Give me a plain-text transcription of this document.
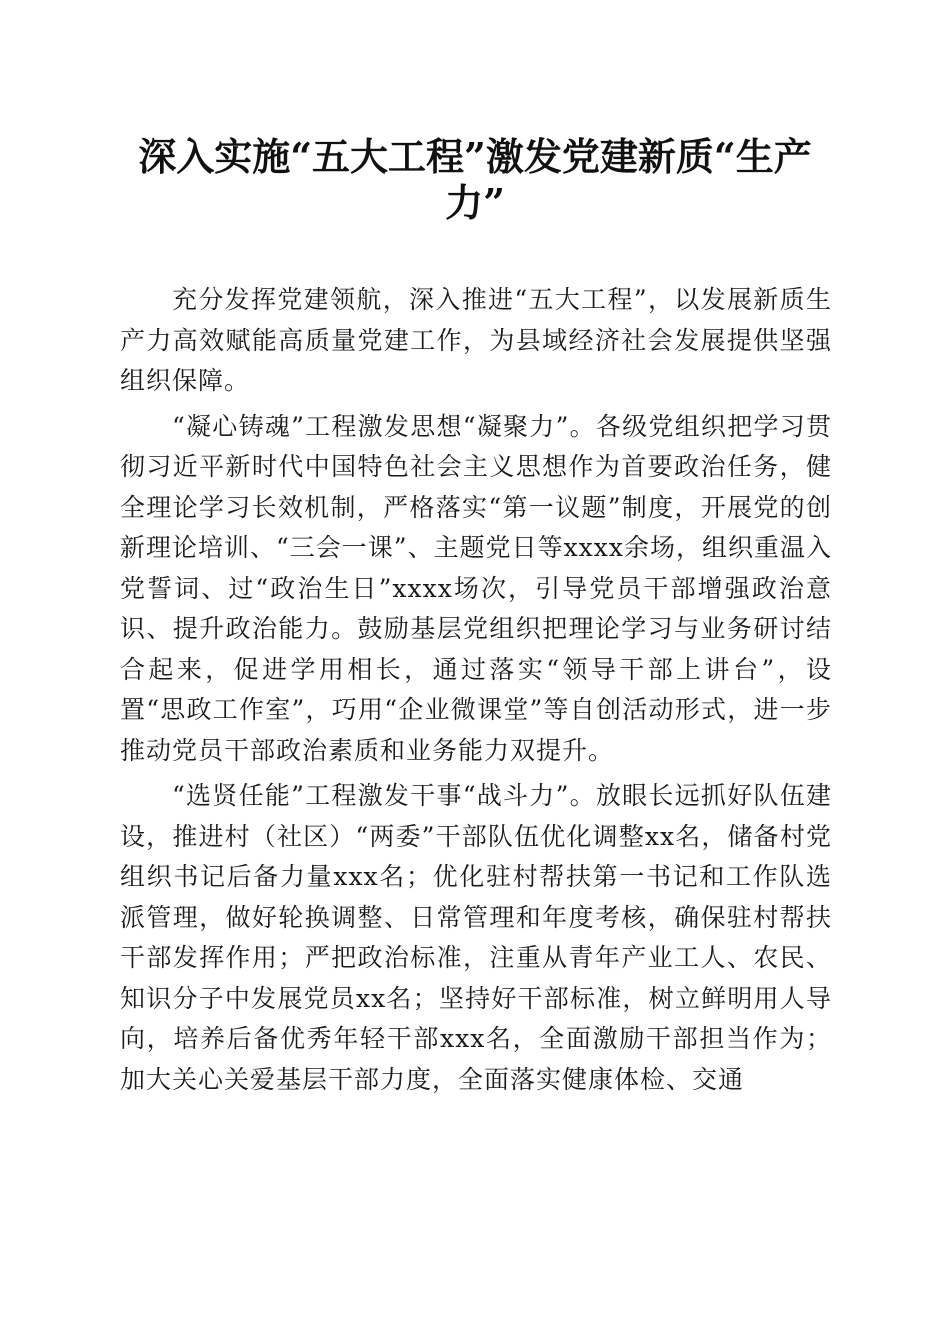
深入实施“五大工程”激发党建新质“生产力”

充分发挥党建领航，深入推进“五大工程”，以发展新质生产力高效赋能高质量党建工作，为县域经济社会发展提供坚强组织保障。

“凝心铸魂”工程激发思想“凝聚力”。各级党组织把学习贯彻习近平新时代中国特色社会主义思想作为首要政治任务，健全理论学习长效机制，严格落实“第一议题”制度，开展党的创新理论培训、“三会一课”、主题党日等xxxx余场，组织重温入党誓词、过“政治生日”xxxx场次，引导党员干部增强政治意识、提升政治能力。鼓励基层党组织把理论学习与业务研讨结合起来，促进学用相长，通过落实“领导干部上讲台”，设置“思政工作室”，巧用“企业微课堂”等自创活动形式，进一步推动党员干部政治素质和业务能力双提升。

“选贤任能”工程激发干事“战斗力”。放眼长远抓好队伍建设，推进村（社区）“两委”干部队伍优化调整xx名，储备村党组织书记后备力量xxx名；优化驻村帮扶第一书记和工作队选派管理，做好轮换调整、日常管理和年度考核，确保驻村帮扶干部发挥作用；严把政治标准，注重从青年产业工人、农民、知识分子中发展党员xx名；坚持好干部标准，树立鲜明用人导向，培养后备优秀年轻干部xxx名，全面激励干部担当作为；加大关心关爱基层干部力度，全面落实健康体检、交通
